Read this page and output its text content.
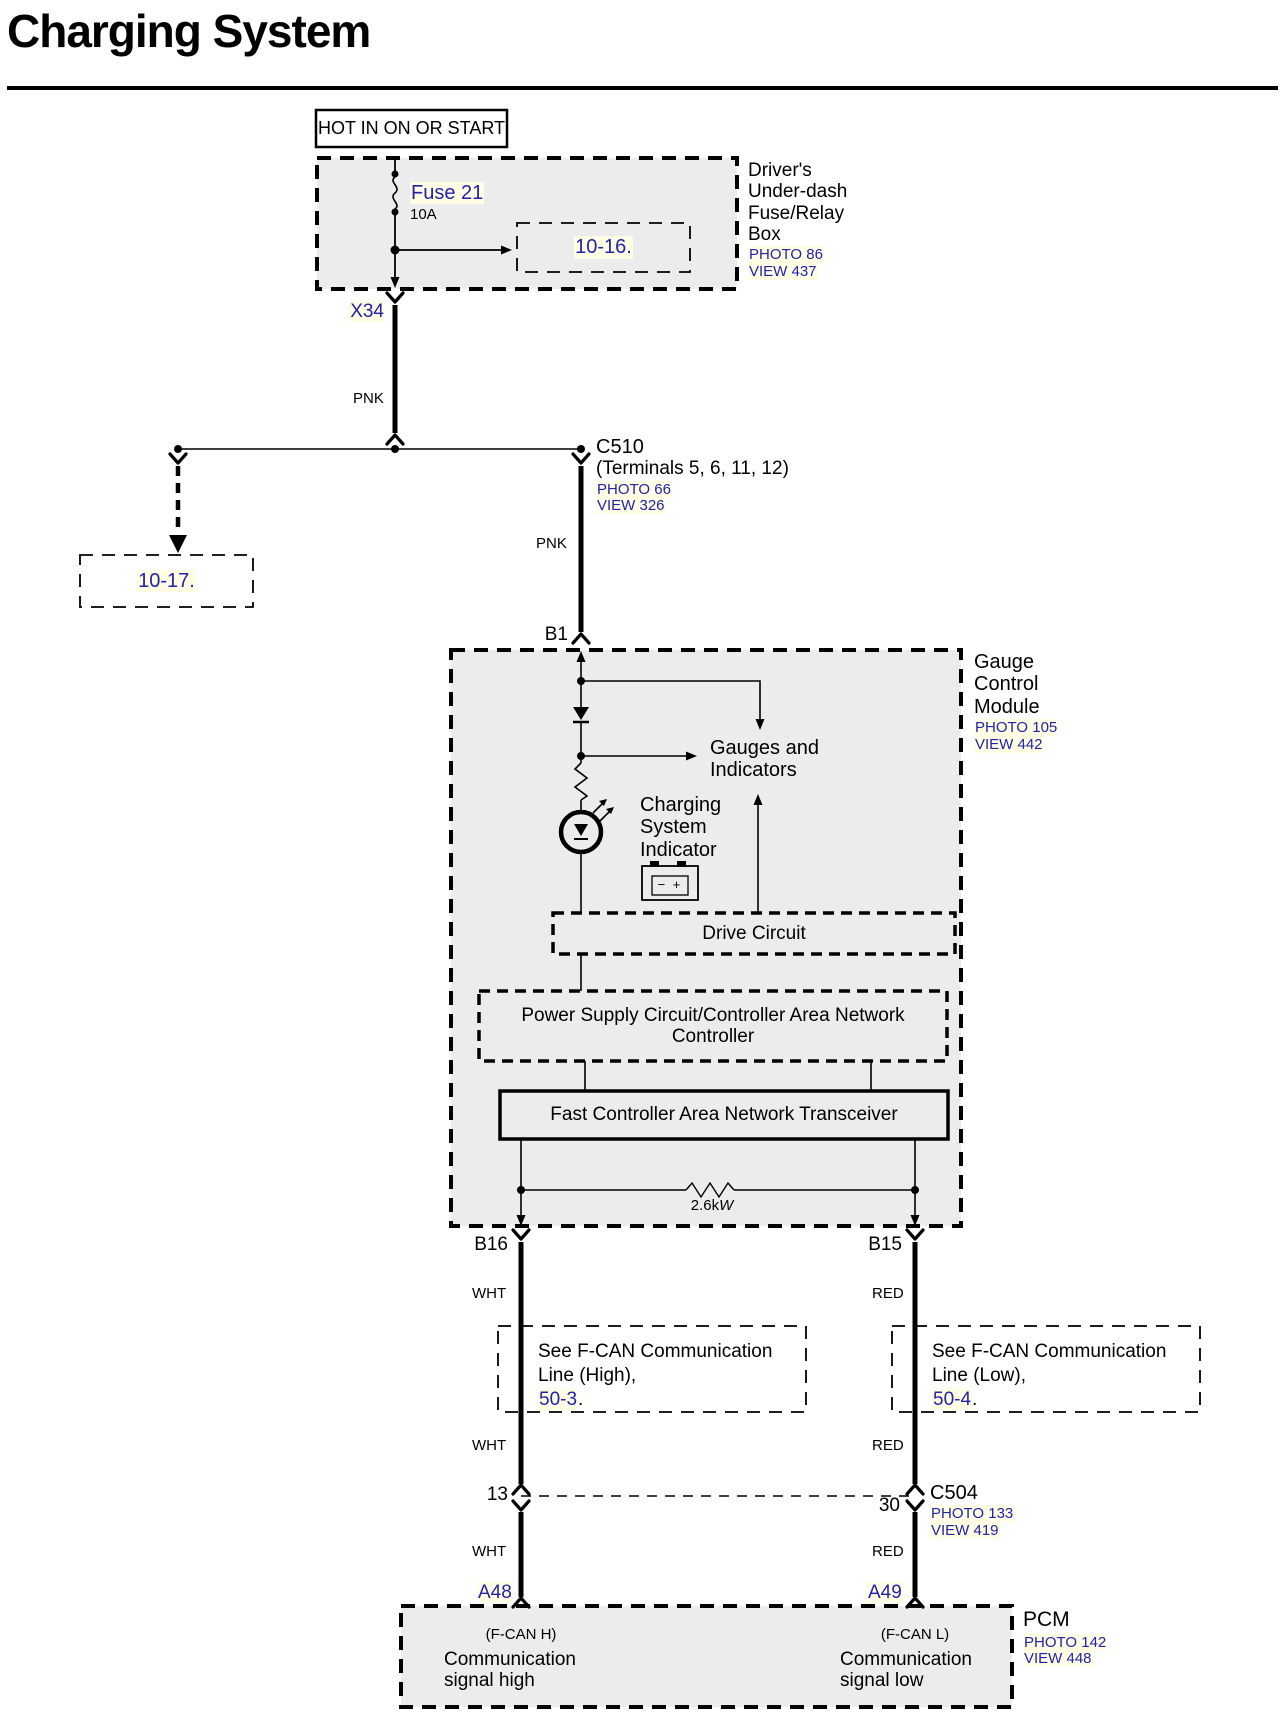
Charging System
HOT IN ON OR START
Fuse 21
10A
10-16.
Driver's
Under-dash
Fuse/Relay
Box
PHOTO 86
VIEW 437
X34
PNK
C510
(Terminals 5, 6, 11, 12)
PHOTO 66
VIEW 326
PNK
10-17.
B1
Gauge
Control
Module
PHOTO 105
VIEW 442
Gauges and
Indicators
Charging
System
Indicator
− +
Drive Circuit
Power Supply Circuit/Controller Area Network
Controller
Fast Controller Area Network Transceiver
2.6k W
B16	B15
WHT	RED
See F-CAN Communication
Line (High),
50-3.
See F-CAN Communication
Line (Low),
50-4.
WHT	RED
13
30
C504
PHOTO 133
VIEW 419
WHT	RED
A48	A49
(F-CAN H)
Communication
signal high
(F-CAN L)
Communication
signal low
PCM
PHOTO 142
VIEW 448
